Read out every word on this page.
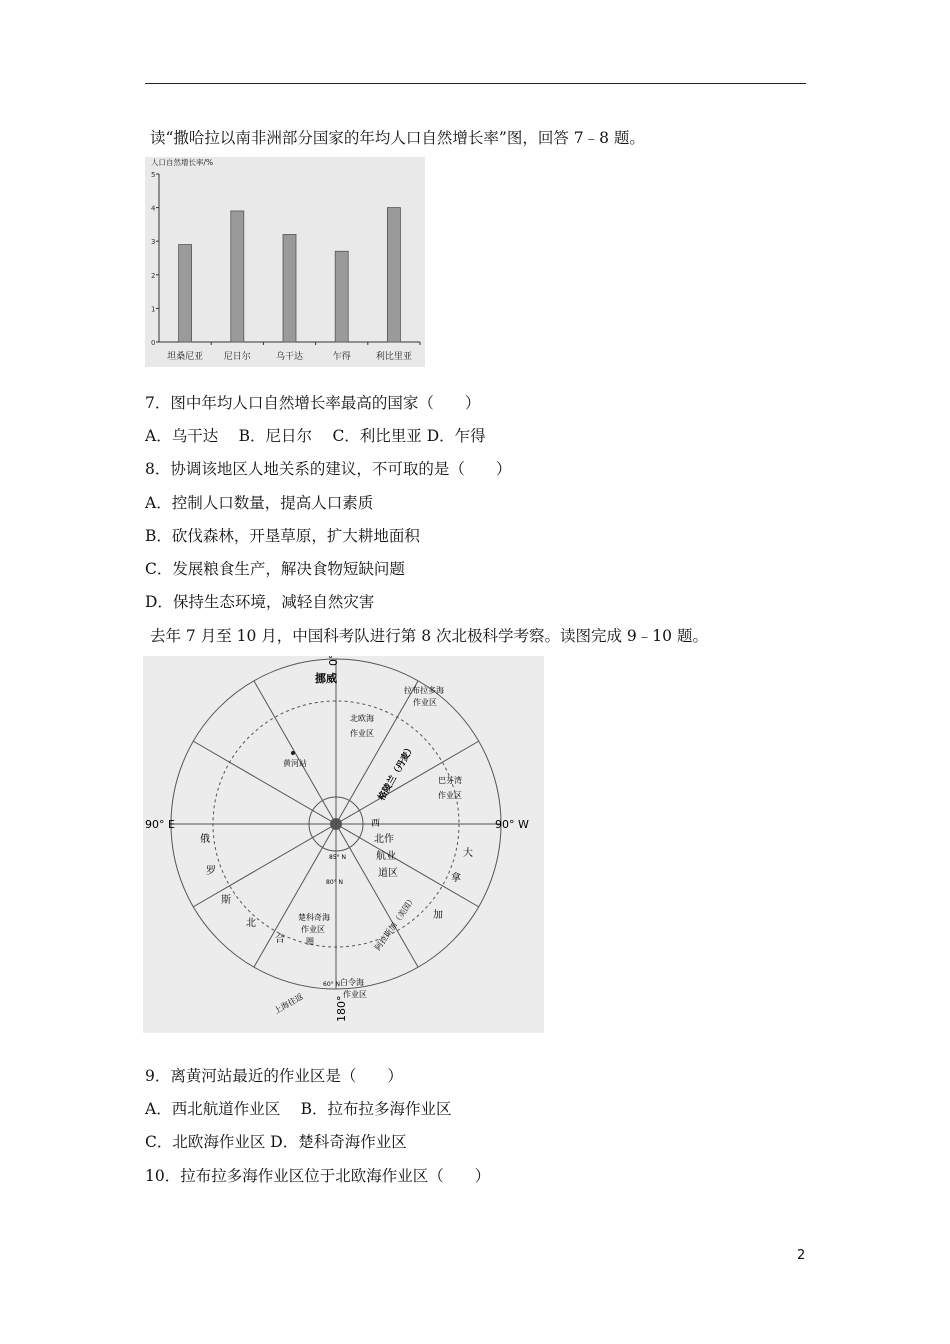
读“撒哈拉以南非洲部分国家的年均人口自然增长率”图，回答 7﹣8 题。
人口自然增长率/%
0
1
2
3
4
5
坦桑尼亚 尼日尔	乌干达	乍得	利比里亚
7．图中年均人口自然增长率最高的国家（　　）
A．乌干达　 B．尼日尔　 C．利比里亚 D．乍得
8．协调该地区人地关系的建议，不可取的是（　　）
A．控制人口数量，提高人口素质
B．砍伐森林，开垦草原，扩大耕地面积
C．发展粮食生产，解决食物短缺问题
D．保持生态环境，减轻自然灾害
去年 7 月至 10 月，中国科考队进行第 8 次北极科学考察。读图完成 9﹣10 题。
0°
90° E	90° W
180°
挪威
拉布拉多海
作业区
北欧海
作业区
黄河站	格陵兰（丹麦）	巴芬湾
作业区
西
北作
航业
道区
俄
罗
斯
北
合
大
拿
加
阿拉斯加（美国）
楚科奇海
作业区
圈
白令海
作业区
上海往返
85° N
80° N
60° N
9．离黄河站最近的作业区是（　　）
A．西北航道作业区　 B．拉布拉多海作业区
C．北欧海作业区 D．楚科奇海作业区
10．拉布拉多海作业区位于北欧海作业区（　　）
2
